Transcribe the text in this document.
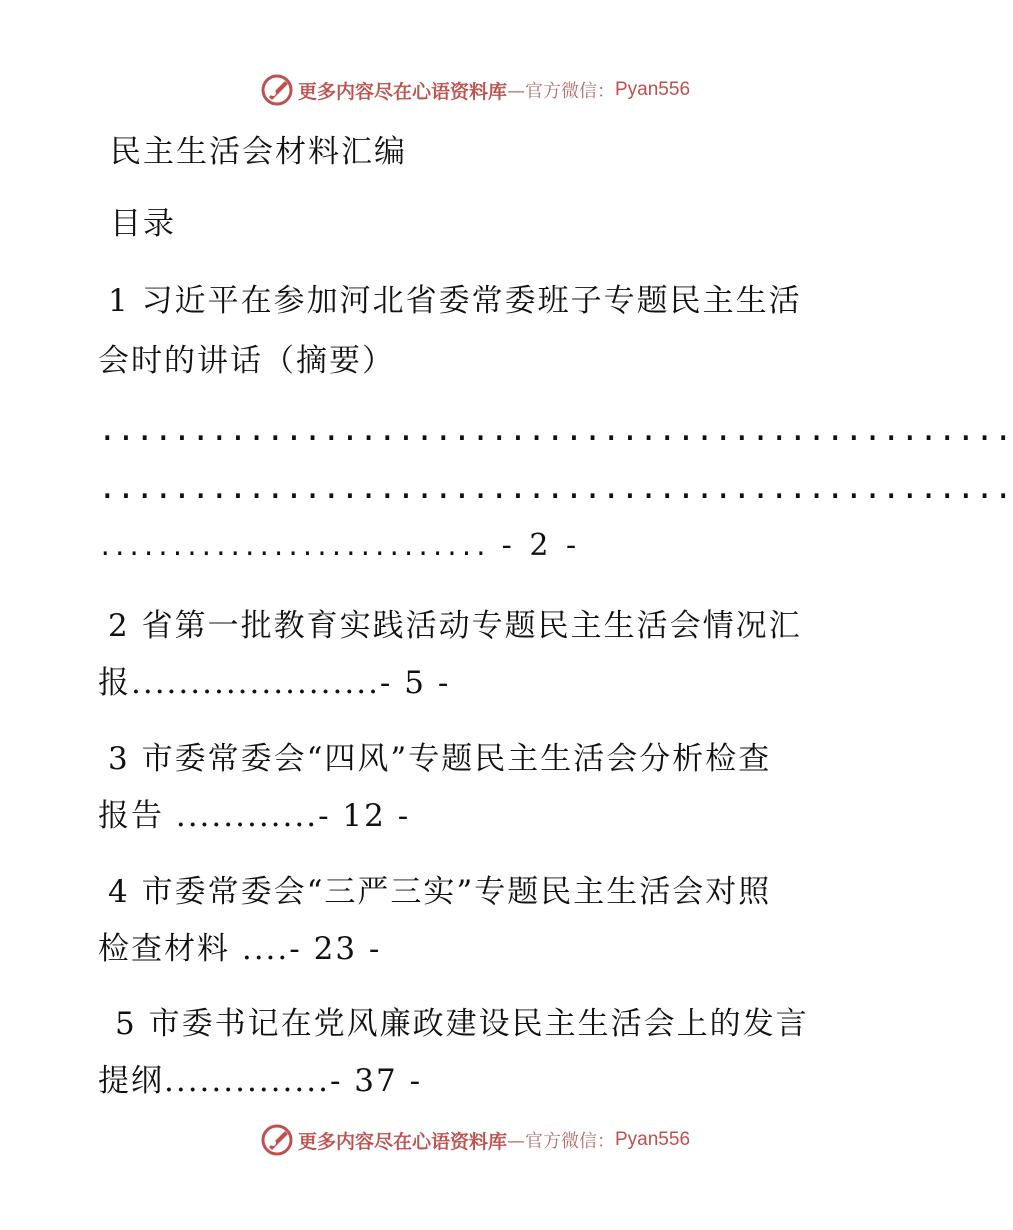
更多内容尽在心语资料库 —官方微信： Pyan556
民主生活会材料汇编
目录
1 习近平在参加河北省委常委班子专题民主生活
会时的讲话（摘要）
.................................................
.................................................
........................... - 2 -
2 省第一批教育实践活动专题民主生活会情况汇
报.....................- 5 -
3 市委常委会“四风”专题民主生活会分析检查
报告 ............- 12 -
4 市委常委会“三严三实”专题民主生活会对照
检查材料 ....- 23 -
5 市委书记在党风廉政建设民主生活会上的发言
提纲..............- 37 -
更多内容尽在心语资料库 —官方微信： Pyan556
